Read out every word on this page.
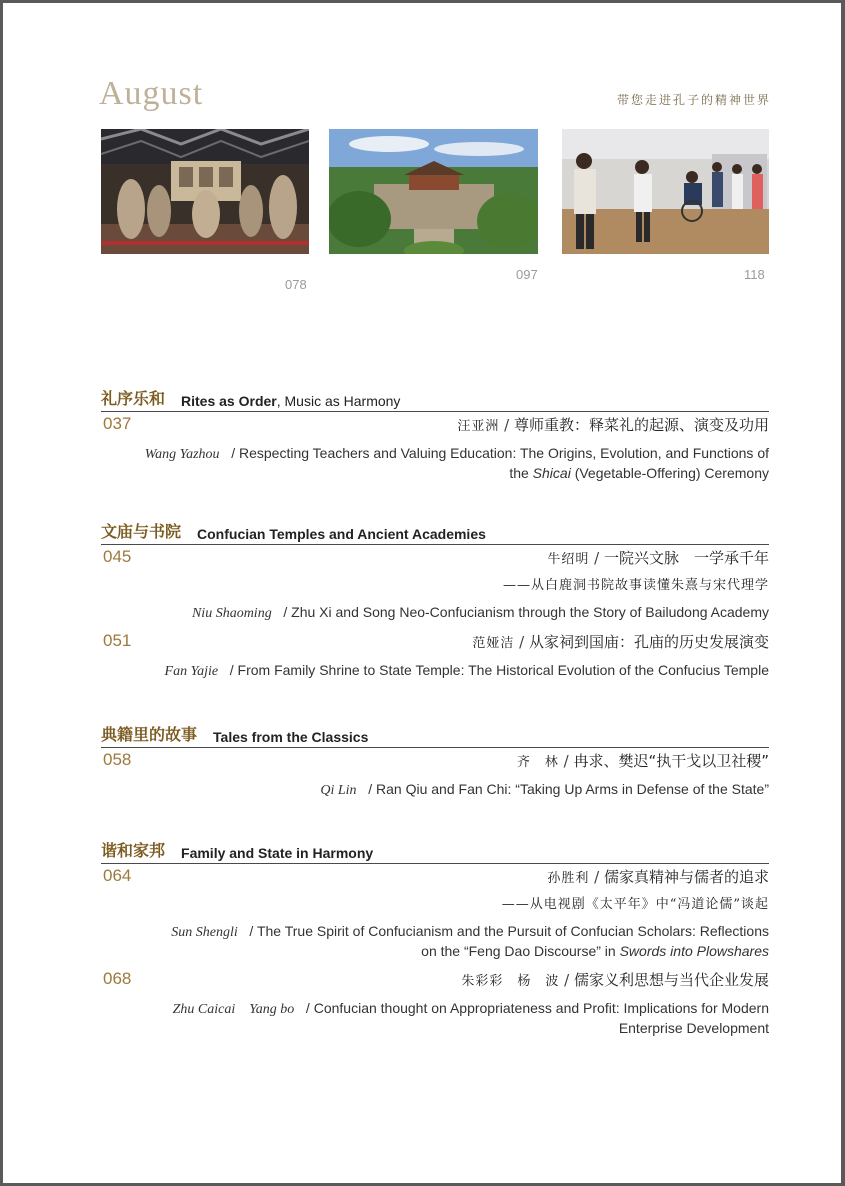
August	带您走进孔子的精神世界
078
097	118
礼序乐和 Rites as Order, Music as Harmony
037	汪亚洲 / 尊师重教：释菜礼的起源、演变及功用
Wang Yazhou   / Respecting Teachers and Valuing Education: The Origins, Evolution, and Functions of
the Shicai (Vegetable-Offering) Ceremony
文庙与书院 Confucian Temples and Ancient Academies
045	牛绍明 / 一院兴文脉　一学承千年
——从白鹿洞书院故事读懂朱熹与宋代理学
Niu Shaoming   / Zhu Xi and Song Neo-Confucianism through the Story of Bailudong Academy
051	范娅洁 / 从家祠到国庙：孔庙的历史发展演变
Fan Yajie   / From Family Shrine to State Temple: The Historical Evolution of the Confucius Temple
典籍里的故事 Tales from the Classics
058	齐　林 / 冉求、樊迟“执干戈以卫社稷”
Qi Lin   / Ran Qiu and Fan Chi: “Taking Up Arms in Defense of the State”
谐和家邦 Family and State in Harmony
064	孙胜利 / 儒家真精神与儒者的追求
——从电视剧《太平年》中“冯道论儒”谈起
Sun Shengli   / The True Spirit of Confucianism and the Pursuit of Confucian Scholars: Reflections
on the “Feng Dao Discourse” in Swords into Plowshares
068	朱彩彩　杨　波 / 儒家义利思想与当代企业发展
Zhu Caicai　Yang bo   / Confucian thought on Appropriateness and Profit: Implications for Modern
Enterprise Development
